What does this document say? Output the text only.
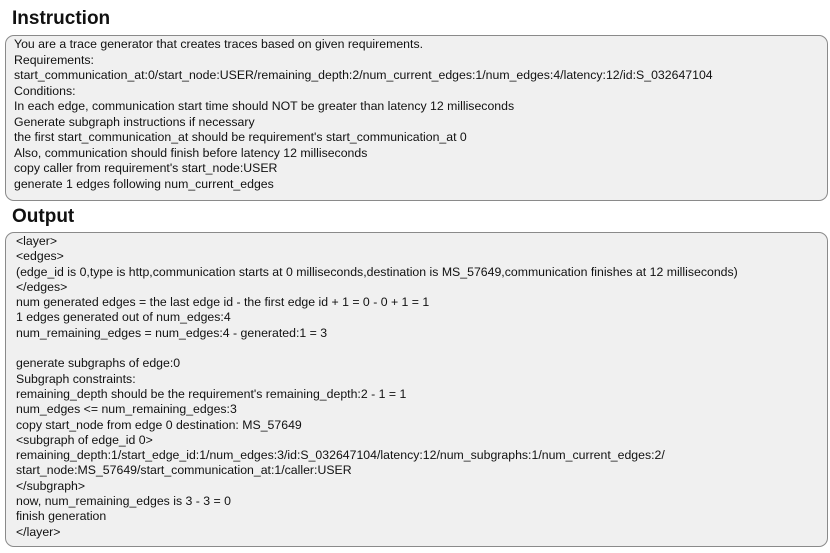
Instruction
You are a trace generator that creates traces based on given requirements.
Requirements:
start_communication_at:0/start_node:USER/remaining_depth:2/num_current_edges:1/num_edges:4/latency:12/id:S_032647104
Conditions:
In each edge, communication start time should NOT be greater than latency 12 milliseconds
Generate subgraph instructions if necessary
the first start_communication_at should be requirement's start_communication_at 0
Also, communication should finish before latency 12 milliseconds
copy caller from requirement's start_node:USER
generate 1 edges following num_current_edges
Output
<layer>
<edges>
(edge_id is 0,type is http,communication starts at 0 milliseconds,destination is MS_57649,communication finishes at 12 milliseconds)
</edges>
num generated edges = the last edge id - the first edge id + 1 = 0 - 0 + 1 = 1
1 edges generated out of num_edges:4
num_remaining_edges = num_edges:4 - generated:1 = 3
generate subgraphs of edge:0
Subgraph constraints:
remaining_depth should be the requirement's remaining_depth:2 - 1 = 1
num_edges <= num_remaining_edges:3
copy start_node from edge 0 destination: MS_57649
<subgraph of edge_id 0>
remaining_depth:1/start_edge_id:1/num_edges:3/id:S_032647104/latency:12/num_subgraphs:1/num_current_edges:2/
start_node:MS_57649/start_communication_at:1/caller:USER
</subgraph>
now, num_remaining_edges is 3 - 3 = 0
finish generation
</layer>
